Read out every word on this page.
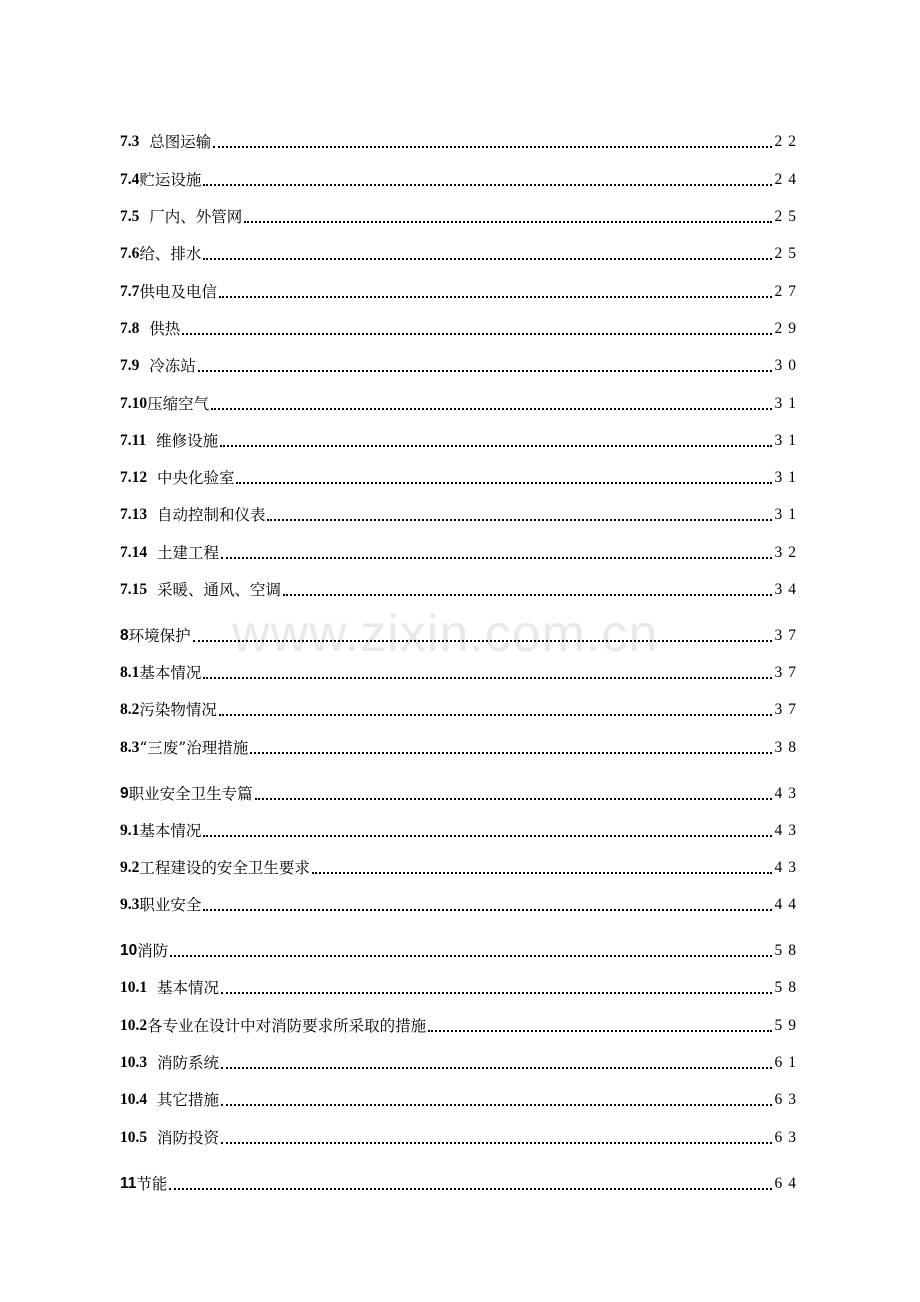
www.zixin.com.cn
7.3 总图运输	22
7.4 贮运设施	24
7.5 厂内、外管网	25
7.6 给、排水	25
7.7 供电及电信	27
7.8 供热	29
7.9 冷冻站	30
7.10 压缩空气	31
7.11 维修设施	31
7.12 中央化验室	31
7.13 自动控制和仪表	31
7.14 土建工程	32
7.15 采暖、通风、空调	34
8 环境保护	37
8.1 基本情况	37
8.2 污染物情况	37
8.3 “三废”治理措施	38
9 职业安全卫生专篇	43
9.1 基本情况	43
9.2 工程建设的安全卫生要求	43
9.3 职业安全	44
10 消防	58
10.1 基本情况	58
10.2 各专业在设计中对消防要求所采取的措施	59
10.3 消防系统	61
10.4 其它措施	63
10.5 消防投资	63
11 节能	64
